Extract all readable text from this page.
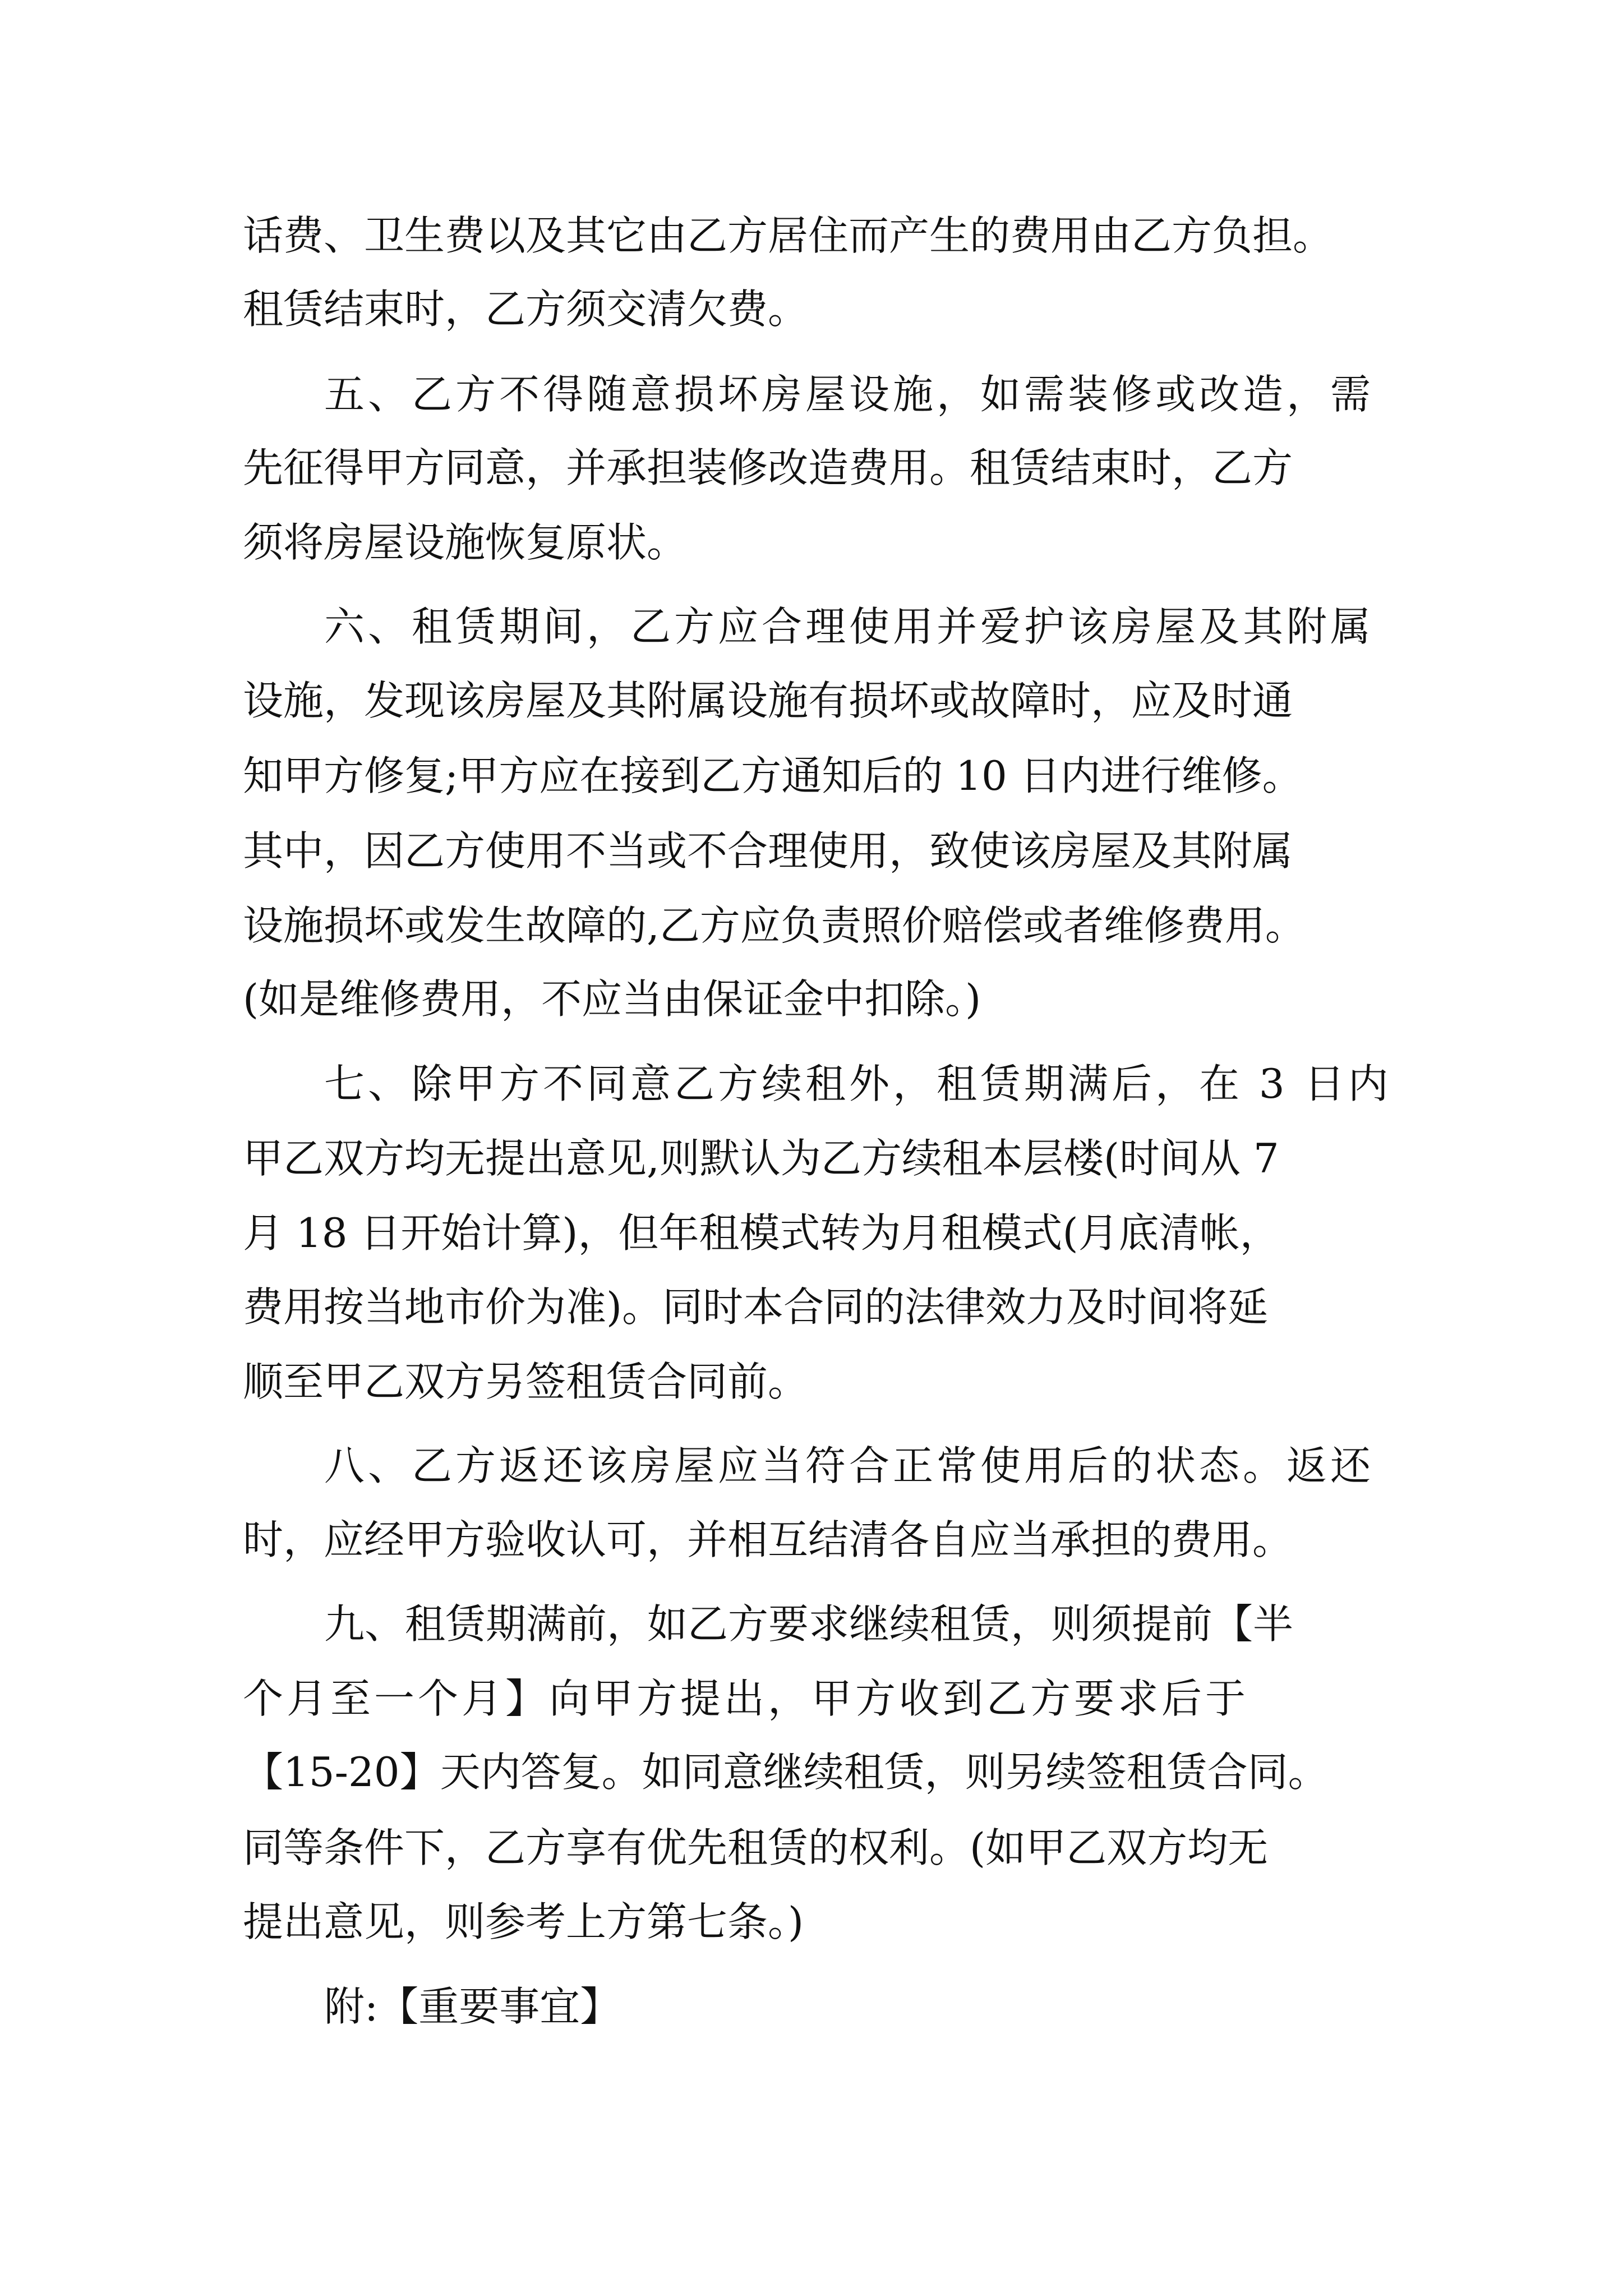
话费、卫生费以及其它由乙方居住而产生的费用由乙方负担。

租赁结束时，乙方须交清欠费。

五、乙方不得随意损坏房屋设施，如需装修或改造，需

先征得甲方同意，并承担装修改造费用。租赁结束时，乙方

须将房屋设施恢复原状。

六、租赁期间，乙方应合理使用并爱护该房屋及其附属

设施，发现该房屋及其附属设施有损坏或故障时，应及时通

知甲方修复;甲方应在接到乙方通知后的 10 日内进行维修。

其中，因乙方使用不当或不合理使用，致使该房屋及其附属

设施损坏或发生故障的,乙方应负责照价赔偿或者维修费用。

(如是维修费用，不应当由保证金中扣除。)

七、除甲方不同意乙方续租外，租赁期满后，在 3 日内

甲乙双方均无提出意见,则默认为乙方续租本层楼(时间从 7

月 18 日开始计算)，但年租模式转为月租模式(月底清帐，

费用按当地市价为准)。同时本合同的法律效力及时间将延

顺至甲乙双方另签租赁合同前。

八、乙方返还该房屋应当符合正常使用后的状态。返还

时，应经甲方验收认可，并相互结清各自应当承担的费用。

九、租赁期满前，如乙方要求继续租赁，则须提前【半

个月至一个月】向甲方提出，甲方收到乙方要求后于

【15-20】天内答复。如同意继续租赁，则另续签租赁合同。

同等条件下，乙方享有优先租赁的权利。(如甲乙双方均无

提出意见，则参考上方第七条。)

附:【重要事宜】
